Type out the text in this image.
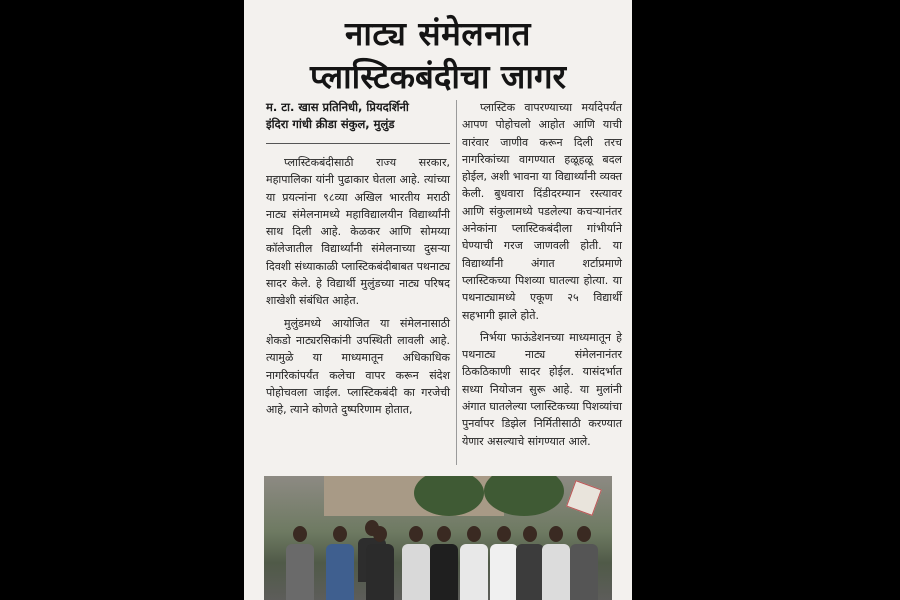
नाट्य संमेलनात
प्लास्टिकबंदीचा जागर
म. टा. खास प्रतिनिधी, प्रियदर्शिनी
इंदिरा गांधी क्रीडा संकुल, मुलुंड

प्लास्टिकबंदीसाठी राज्य सरकार, महापालिका यांनी पुढाकार घेतला आहे. त्यांच्या या प्रयत्नांना ९८व्या अखिल भारतीय मराठी नाट्य संमेलनामध्ये महाविद्यालयीन विद्यार्थ्यांनी साथ दिली आहे. केळकर आणि सोमय्या कॉलेजातील विद्यार्थ्यांनी संमेलनाच्या दुसऱ्या दिवशी संध्याकाळी प्लास्टिकबंदीबाबत पथनाट्य सादर केले. हे विद्यार्थी मुलुंडच्या नाट्य परिषद शाखेशी संबंधित आहेत.

मुलुंडमध्ये आयोजित या संमेलनासाठी शेकडो नाट्यरसिकांनी उपस्थिती लावली आहे. त्यामुळे या माध्यमातून अधिकाधिक नागरिकांपर्यंत कलेचा वापर करून संदेश पोहोचवला जाईल. प्लास्टिकबंदी का गरजेची आहे, त्याने कोणते दुष्परिणाम होतात,

प्लास्टिक वापरण्याच्या मर्यादेपर्यंत आपण पोहोचलो आहोत आणि याची वारंवार जाणीव करून दिली तरच नागरिकांच्या वागण्यात हळूहळू बदल होईल, अशी भावना या विद्यार्थ्यांनी व्यक्त केली. बुधवारा दिंडीदरम्यान रस्त्यावर आणि संकुलामध्ये पडलेल्या कचऱ्यानंतर अनेकांना प्लास्टिकबंदीला गांभीर्याने घेण्याची गरज जाणवली होती. या विद्यार्थ्यांनी अंगात शर्टाप्रमाणे प्लास्टिकच्या पिशव्या घातल्या होत्या. या पथनाट्यामध्ये एकूण २५ विद्यार्थी सहभागी झाले होते.

निर्भया फाऊंडेशनच्या माध्यमातून हे पथनाट्य नाट्य संमेलनानंतर ठिकठिकाणी सादर होईल. यासंदर्भात सध्या नियोजन सुरू आहे. या मुलांनी अंगात घातलेल्या प्लास्टिकच्या पिशव्यांचा पुनर्वापर डिझेल निर्मितीसाठी करण्यात येणार असल्याचे सांगण्यात आले.
